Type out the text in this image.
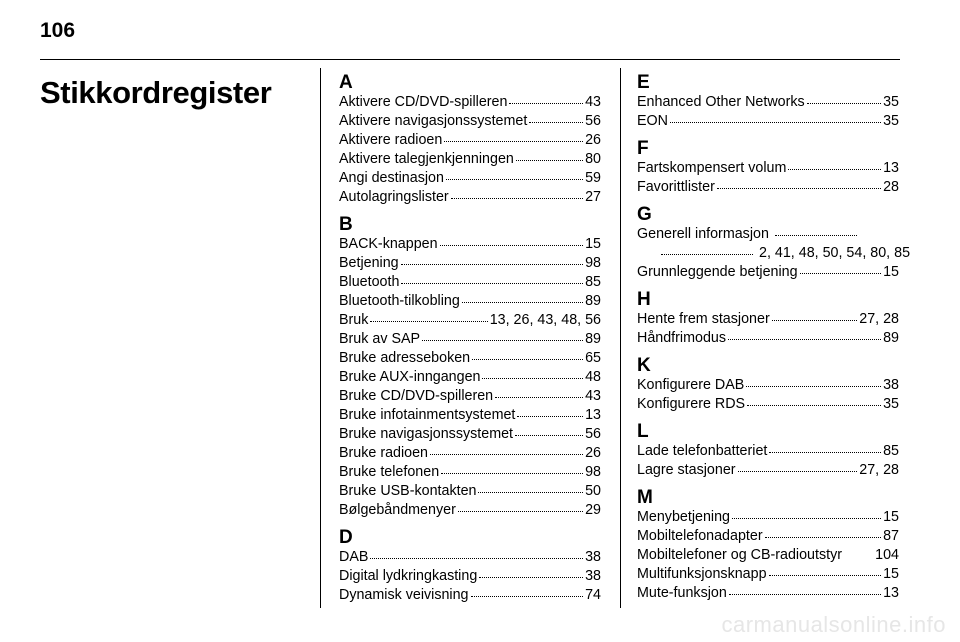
106
Stikkordregister	A
Aktivere CD/DVD-spilleren	43
Aktivere navigasjonssystemet	56
Aktivere radioen	26
Aktivere talegjenkjenningen	80
Angi destinasjon	59
Autolagringslister	27
B
BACK-knappen	15
Betjening	98
Bluetooth	85
Bluetooth-tilkobling	89
Bruk	13, 26, 43, 48, 56
Bruk av SAP	89
Bruke adresseboken	65
Bruke AUX-inngangen	48
Bruke CD/DVD-spilleren	43
Bruke infotainmentsystemet	13
Bruke navigasjonssystemet	56
Bruke radioen	26
Bruke telefonen	98
Bruke USB-kontakten	50
Bølgebåndmenyer	29
D
DAB	38
Digital lydkringkasting	38
Dynamisk veivisning	74
E
Enhanced Other Networks	35
EON	35
F
Fartskompensert volum	13
Favorittlister	28
G
Generell informasjon
2, 41, 48, 50, 54, 80, 85
Grunnleggende betjening	15
H
Hente frem stasjoner	27, 28
Håndfrimodus	89
K
Konfigurere DAB	38
Konfigurere RDS	35
L
Lade telefonbatteriet	85
Lagre stasjoner	27, 28
M
Menybetjening	15
Mobiltelefonadapter	87
Mobiltelefoner og CB-radioutstyr 104
Multifunksjonsknapp	15
Mute-funksjon	13
carmanualsonline.info
